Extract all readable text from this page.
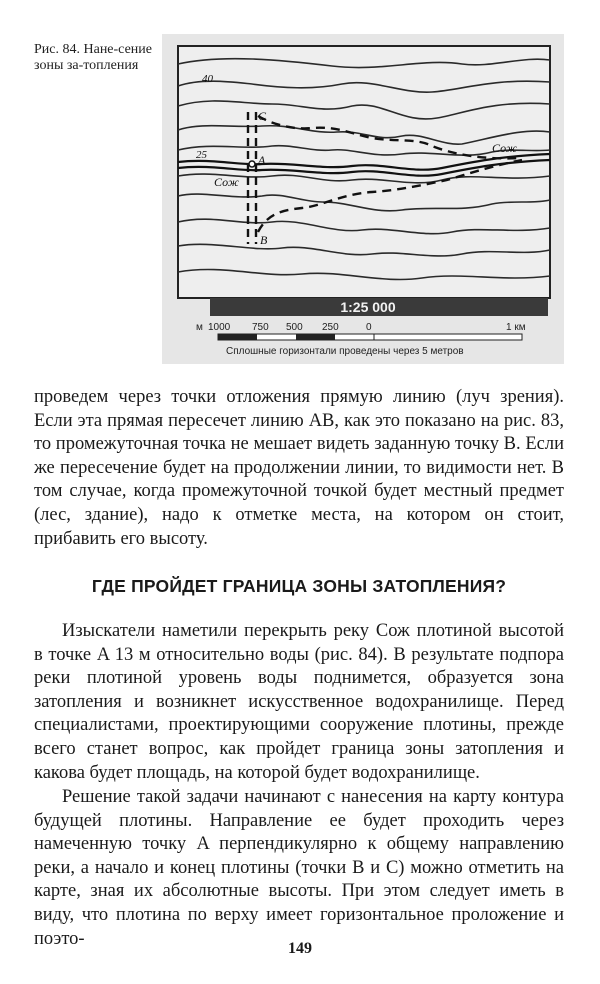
Рис. 84. Нане-сение зоны за-топления
40
25	A
B
C
Сож
Сож
1:25 000
м 1000 750 500 250	0	1 км
Сплошные горизонтали проведены через 5 метров

проведем через точки отложения прямую линию (луч зрения). Если эта прямая пересечет линию AB, как это показано на рис. 83, то промежуточная точка не мешает видеть заданную точку B. Если же пересечение будет на продолжении линии, то видимости нет. В том случае, когда промежуточной точкой будет местный предмет (лес, здание), надо к отметке места, на котором он стоит, прибавить его высоту.

ГДЕ ПРОЙДЕТ ГРАНИЦА ЗОНЫ ЗАТОПЛЕНИЯ?

Изыскатели наметили перекрыть реку Сож плотиной высотой в точке A 13 м относительно воды (рис. 84). В результате подпора реки плотиной уровень воды поднимется, образуется зона затопления и возникнет искусственное водохранилище. Перед специалистами, проектирующими сооружение плотины, прежде всего станет вопрос, как пройдет граница зоны затопления и какова будет площадь, на которой будет водохранилище.

Решение такой задачи начинают с нанесения на карту контура будущей плотины. Направление ее будет проходить через намеченную точку A перпендикулярно к общему направлению реки, а начало и конец плотины (точки B и C) можно отметить на карте, зная их абсолютные высоты. При этом следует иметь в виду, что плотина по верху имеет горизонтальное проложение и поэто-	149
